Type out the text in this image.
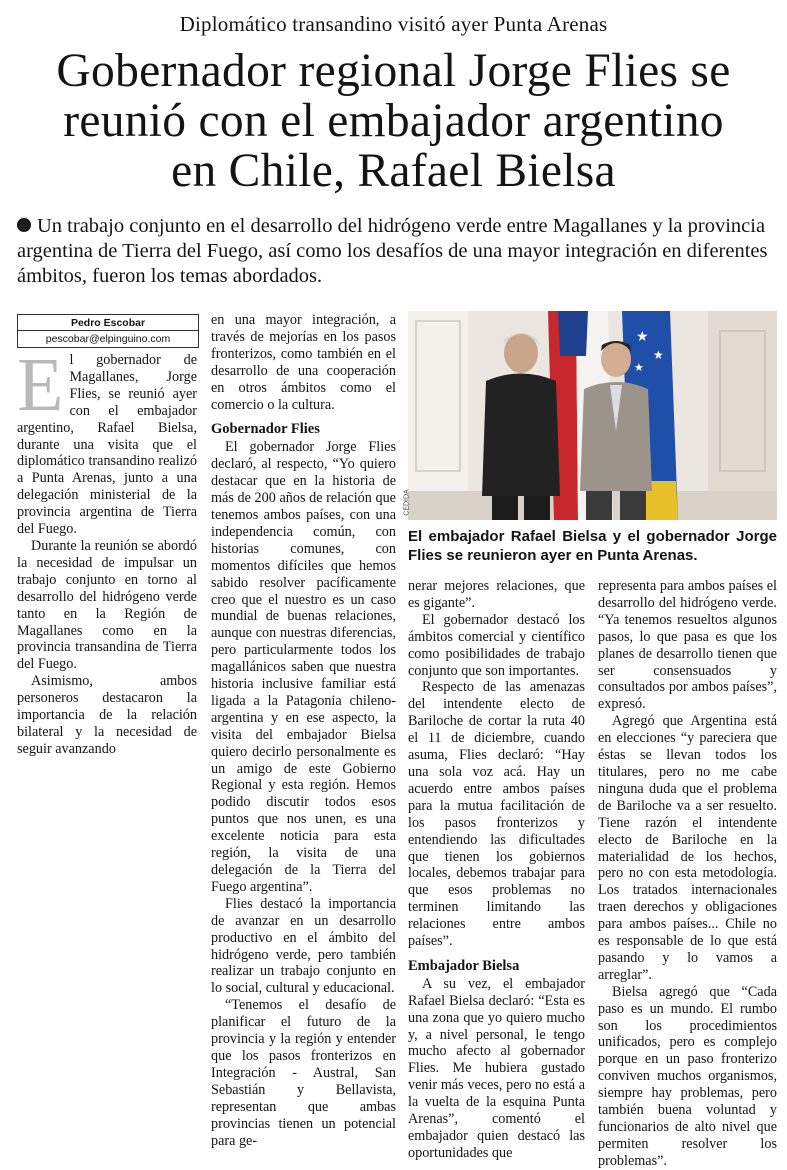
Diplomático transandino visitó ayer Punta Arenas
Gobernador regional Jorge Flies se
reunió con el embajador argentino
en Chile, Rafael Bielsa
Un trabajo conjunto en el desarrollo del hidrógeno verde entre Magallanes y la provincia argentina de Tierra del Fuego, así como los desafíos de una mayor integración en diferentes ámbitos, fueron los temas abordados.
Pedro Escobar
pescobar@elpinguino.com

El gobernador de Magallanes, Jorge Flies, se reunió ayer con el embajador argentino, Rafael Bielsa, durante una visita que el diplomático transandino realizó a Punta Arenas, junto a una delegación ministerial de la provincia argentina de Tierra del Fuego.

Durante la reunión se abordó la necesidad de impulsar un trabajo conjunto en torno al desarrollo del hidrógeno verde tanto en la Región de Magallanes como en la provincia transandina de Tierra del Fuego.

Asimismo, ambos personeros destacaron la importancia de la relación bilateral y la necesidad de seguir avanzando

en una mayor integración, a través de mejorías en los pasos fronterizos, como también en el desarrollo de una cooperación en otros ámbitos como el comercio o la cultura.

Gobernador Flies

El gobernador Jorge Flies declaró, al respecto, “Yo quiero destacar que en la historia de más de 200 años de relación que tenemos ambos países, con una independencia común, con historias comunes, con momentos difíciles que hemos sabido resolver pacíficamente creo que el nuestro es un caso mundial de buenas relaciones, aunque con nuestras diferencias, pero particularmente todos los magallánicos saben que nuestra historia inclusive familiar está ligada a la Patagonia chileno-argentina y en ese aspecto, la visita del embajador Bielsa quiero decirlo personalmente es un amigo de este Gobierno Regional y esta región. Hemos podido discutir todos esos puntos que nos unen, es una excelente noticia para esta región, la visita de una delegación de la Tierra del Fuego argentina”.

Flies destacó la importancia de avanzar en un desarrollo productivo en el ámbito del hidrógeno verde, pero también realizar un trabajo conjunto en lo social, cultural y educacional.

“Tenemos el desafío de planificar el futuro de la provincia y la región y entender que los pasos fronterizos en Integración - Austral, San Sebastián y Bellavista, representan que ambas provincias tienen un potencial para ge-

★
★
★
CEDIDA
El embajador Rafael Bielsa y el gobernador Jorge Flies se reunieron ayer en Punta Arenas.

nerar mejores relaciones, que es gigante”.

El gobernador destacó los ámbitos comercial y científico como posibilidades de trabajo conjunto que son importantes.

Respecto de las amenazas del intendente electo de Bariloche de cortar la ruta 40 el 11 de diciembre, cuando asuma, Flies declaró: “Hay una sola voz acá. Hay un acuerdo entre ambos países para la mutua facilitación de los pasos fronterizos y entendiendo las dificultades que tienen los gobiernos locales, debemos trabajar para que esos problemas no terminen limitando las relaciones entre ambos países”.

Embajador Bielsa

A su vez, el embajador Rafael Bielsa declaró: “Esta es una zona que yo quiero mucho y, a nivel personal, le tengo mucho afecto al gobernador Flies. Me hubiera gustado venir más veces, pero no está a la vuelta de la esquina Punta Arenas”, comentó el embajador quien destacó las oportunidades que

representa para ambos países el desarrollo del hidrógeno verde. “Ya tenemos resueltos algunos pasos, lo que pasa es que los planes de desarrollo tienen que ser consensuados y consultados por ambos países”, expresó.

Agregó que Argentina está en elecciones “y pareciera que éstas se llevan todos los titulares, pero no me cabe ninguna duda que el problema de Bariloche va a ser resuelto. Tiene razón el intendente electo de Bariloche en la materialidad de los hechos, pero no con esta metodología. Los tratados internacionales traen derechos y obligaciones para ambos países... Chile no es responsable de lo que está pasando y lo vamos a arreglar”.

Bielsa agregó que “Cada paso es un mundo. El rumbo son los procedimientos unificados, pero es complejo porque en un paso fronterizo conviven muchos organismos, siempre hay problemas, pero también buena voluntad y funcionarios de alto nivel que permiten resolver los problemas”.
